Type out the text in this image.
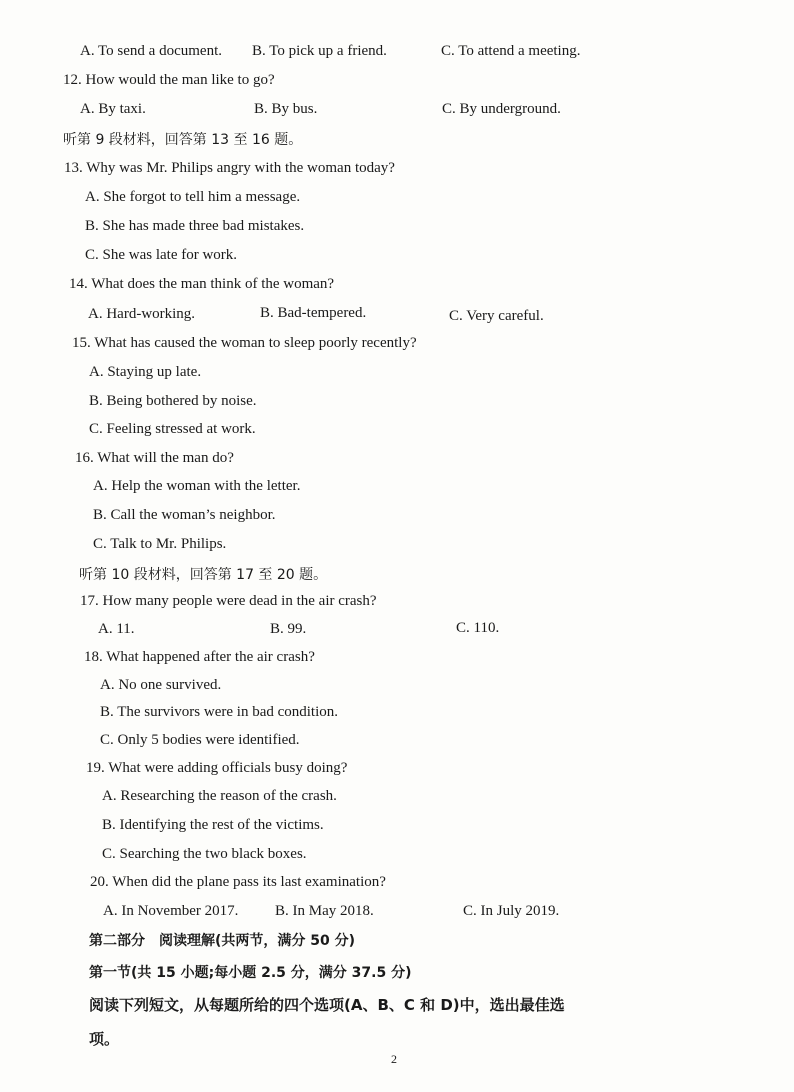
A. To send a document. B. To pick up a friend.	C. To attend a meeting.
12. How would the man like to go?
A. By taxi.	B. By bus.	C. By underground.
听第 9 段材料，回答第 13 至 16 题。
13. Why was Mr. Philips angry with the woman today?
A. She forgot to tell him a message.
B. She has made three bad mistakes.
C. She was late for work.
14. What does the man think of the woman?
A. Hard-working.	B. Bad-tempered.	C. Very careful.
15. What has caused the woman to sleep poorly recently?
A. Staying up late.
B. Being bothered by noise.
C. Feeling stressed at work.
16. What will the man do?
A. Help the woman with the letter.
B. Call the woman’s neighbor.
C. Talk to Mr. Philips.
听第 10 段材料，回答第 17 至 20 题。
17. How many people were dead in the air crash?
A. 11.	B. 99.	C. 110.
18. What happened after the air crash?
A. No one survived.
B. The survivors were in bad condition.
C. Only 5 bodies were identified.
19. What were adding officials busy doing?
A. Researching the reason of the crash.
B. Identifying the rest of the victims.
C. Searching the two black boxes.
20. When did the plane pass its last examination?
A. In November 2017. B. In May 2018.	C. In July 2019.
第二部分　阅读理解(共两节，满分 50 分)
第一节(共 15 小题;每小题 2.5 分，满分 37.5 分)
阅读下列短文，从每题所给的四个选项(A、B、C 和 D)中，选出最佳选
项。
2
